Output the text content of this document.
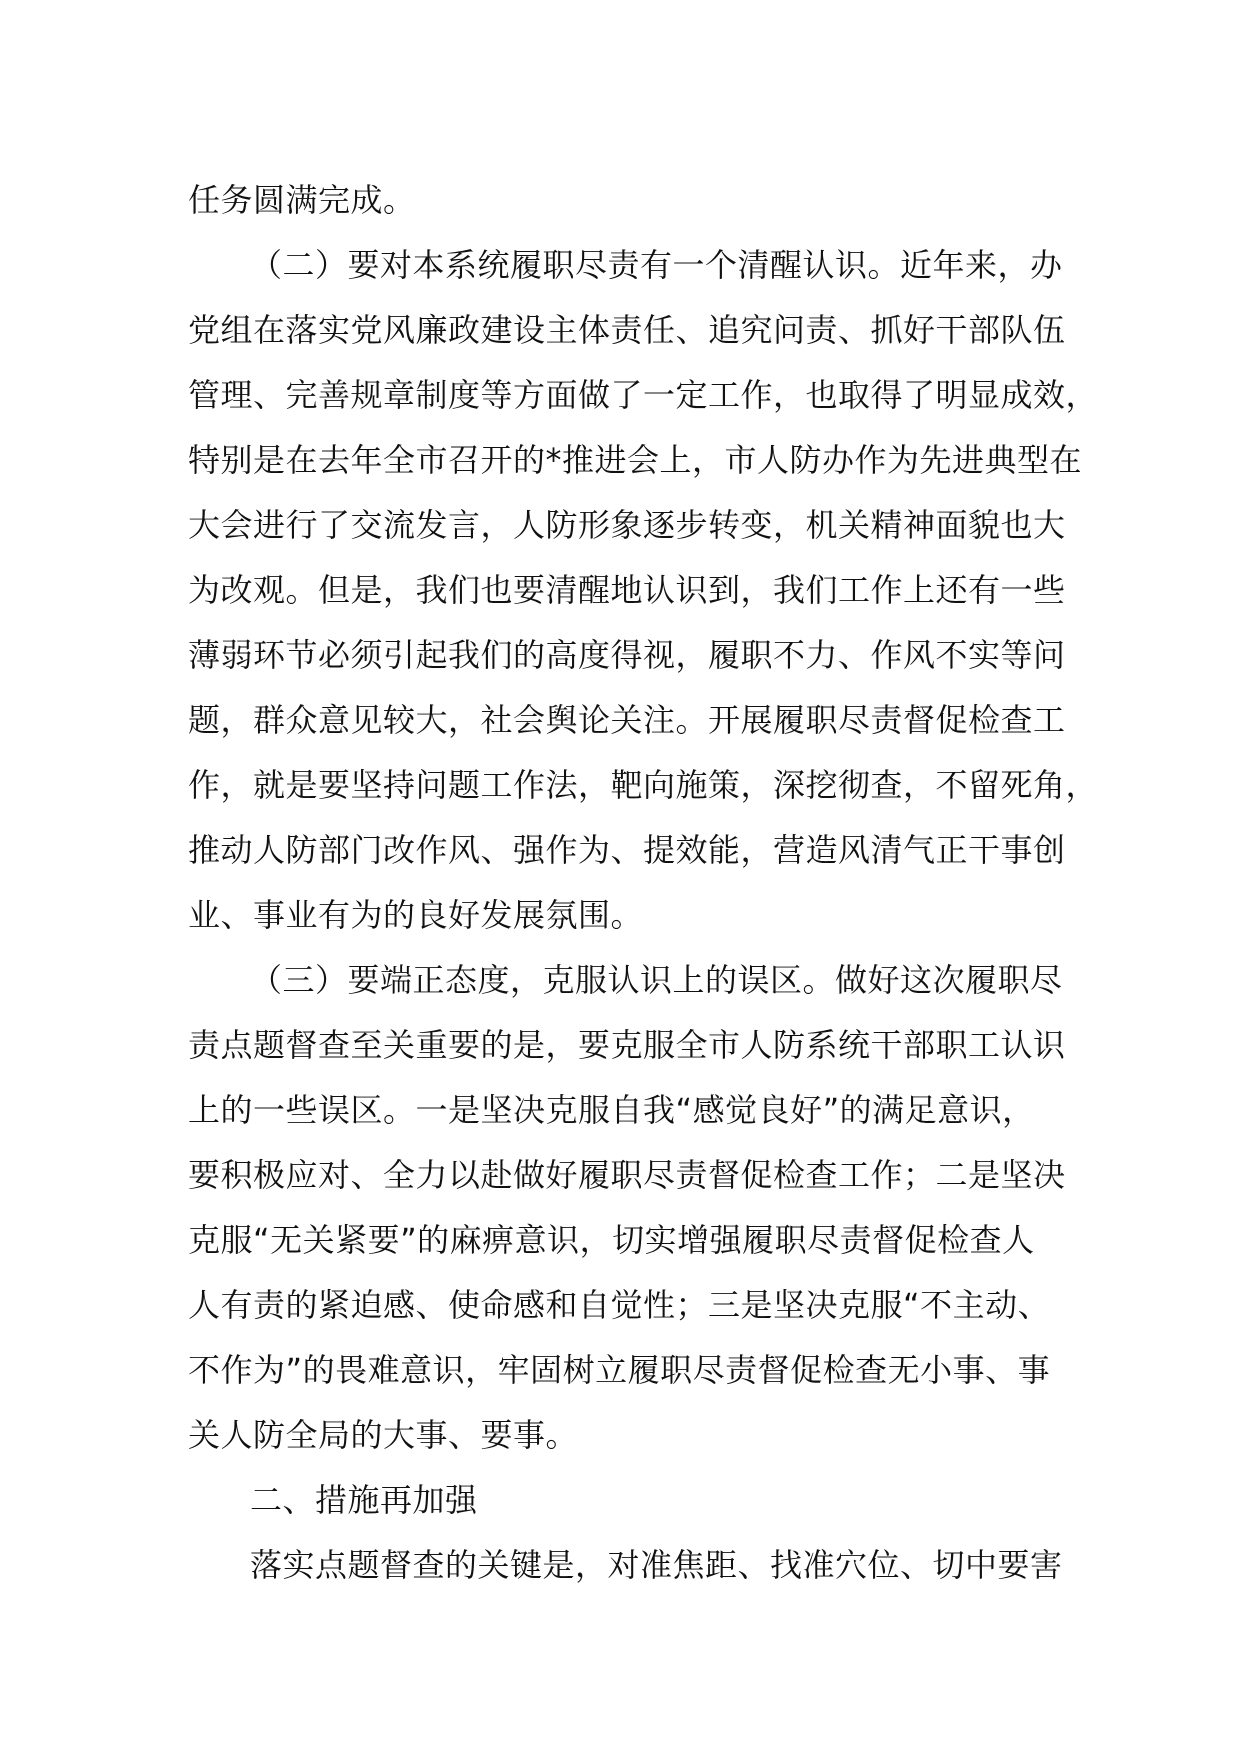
任务圆满完成。
（二）要对本系统履职尽责有一个清醒认识。近年来，办
党组在落实党风廉政建设主体责任、追究问责、抓好干部队伍
管理、完善规章制度等方面做了一定工作，也取得了明显成效，
特别是在去年全市召开的*推进会上，市人防办作为先进典型在
大会进行了交流发言，人防形象逐步转变，机关精神面貌也大
为改观。但是，我们也要清醒地认识到，我们工作上还有一些
薄弱环节必须引起我们的高度得视，履职不力、作风不实等问
题，群众意见较大，社会舆论关注。开展履职尽责督促检查工
作，就是要坚持问题工作法，靶向施策，深挖彻查，不留死角，
推动人防部门改作风、强作为、提效能，营造风清气正干事创
业、事业有为的良好发展氛围。
（三）要端正态度，克服认识上的误区。做好这次履职尽
责点题督查至关重要的是，要克服全市人防系统干部职工认识
上的一些误区。一是坚决克服自我“感觉良好”的满足意识，
要积极应对、全力以赴做好履职尽责督促检查工作；二是坚决
克服“无关紧要”的麻痹意识，切实增强履职尽责督促检查人
人有责的紧迫感、使命感和自觉性；三是坚决克服“不主动、
不作为”的畏难意识，牢固树立履职尽责督促检查无小事、事
关人防全局的大事、要事。
二、措施再加强
落实点题督查的关键是，对准焦距、找准穴位、切中要害
